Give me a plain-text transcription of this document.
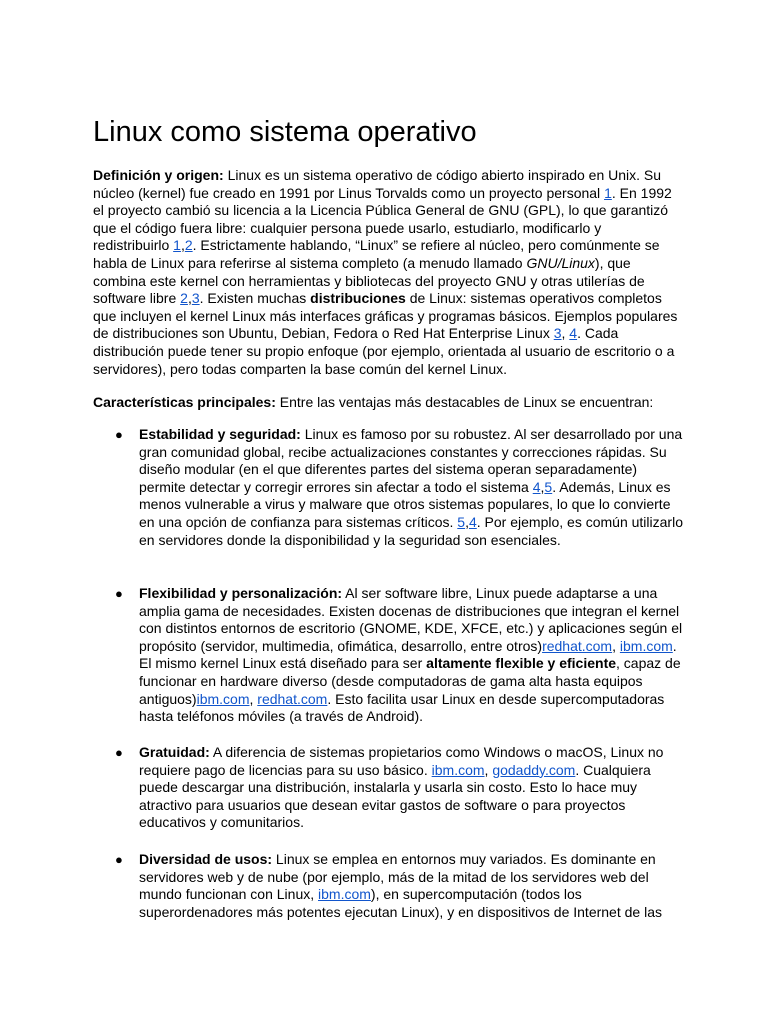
Linux como sistema operativo

Definición y origen: Linux es un sistema operativo de código abierto inspirado en Unix. Su núcleo (kernel) fue creado en 1991 por Linus Torvalds como un proyecto personal 1. En 1992 el proyecto cambió su licencia a la Licencia Pública General de GNU (GPL), lo que garantizó que el código fuera libre: cualquier persona puede usarlo, estudiarlo, modificarlo y redistribuirlo 1,2. Estrictamente hablando, “Linux” se refiere al núcleo, pero comúnmente se habla de Linux para referirse al sistema completo (a menudo llamado GNU/Linux), que combina este kernel con herramientas y bibliotecas del proyecto GNU y otras utilerías de software libre 2,3. Existen muchas distribuciones de Linux: sistemas operativos completos que incluyen el kernel Linux más interfaces gráficas y programas básicos. Ejemplos populares de distribuciones son Ubuntu, Debian, Fedora o Red Hat Enterprise Linux 3, 4. Cada distribución puede tener su propio enfoque (por ejemplo, orientada al usuario de escritorio o a servidores), pero todas comparten la base común del kernel Linux.

Características principales: Entre las ventajas más destacables de Linux se encuentran:

● Estabilidad y seguridad: Linux es famoso por su robustez. Al ser desarrollado por una gran comunidad global, recibe actualizaciones constantes y correcciones rápidas. Su diseño modular (en el que diferentes partes del sistema operan separadamente) permite detectar y corregir errores sin afectar a todo el sistema 4,5. Además, Linux es menos vulnerable a virus y malware que otros sistemas populares, lo que lo convierte en una opción de confianza para sistemas críticos. 5,4. Por ejemplo, es común utilizarlo en servidores donde la disponibilidad y la seguridad son esenciales.

● Flexibilidad y personalización: Al ser software libre, Linux puede adaptarse a una amplia gama de necesidades. Existen docenas de distribuciones que integran el kernel con distintos entornos de escritorio (GNOME, KDE, XFCE, etc.) y aplicaciones según el propósito (servidor, multimedia, ofimática, desarrollo, entre otros)redhat.com, ibm.com. El mismo kernel Linux está diseñado para ser altamente flexible y eficiente, capaz de funcionar en hardware diverso (desde computadoras de gama alta hasta equipos antiguos)ibm.com, redhat.com. Esto facilita usar Linux en desde supercomputadoras hasta teléfonos móviles (a través de Android).

● Gratuidad: A diferencia de sistemas propietarios como Windows o macOS, Linux no requiere pago de licencias para su uso básico. ibm.com, godaddy.com. Cualquiera puede descargar una distribución, instalarla y usarla sin costo. Esto lo hace muy atractivo para usuarios que desean evitar gastos de software o para proyectos educativos y comunitarios.

● Diversidad de usos: Linux se emplea en entornos muy variados. Es dominante en servidores web y de nube (por ejemplo, más de la mitad de los servidores web del mundo funcionan con Linux, ibm.com), en supercomputación (todos los superordenadores más potentes ejecutan Linux), y en dispositivos de Internet de las
